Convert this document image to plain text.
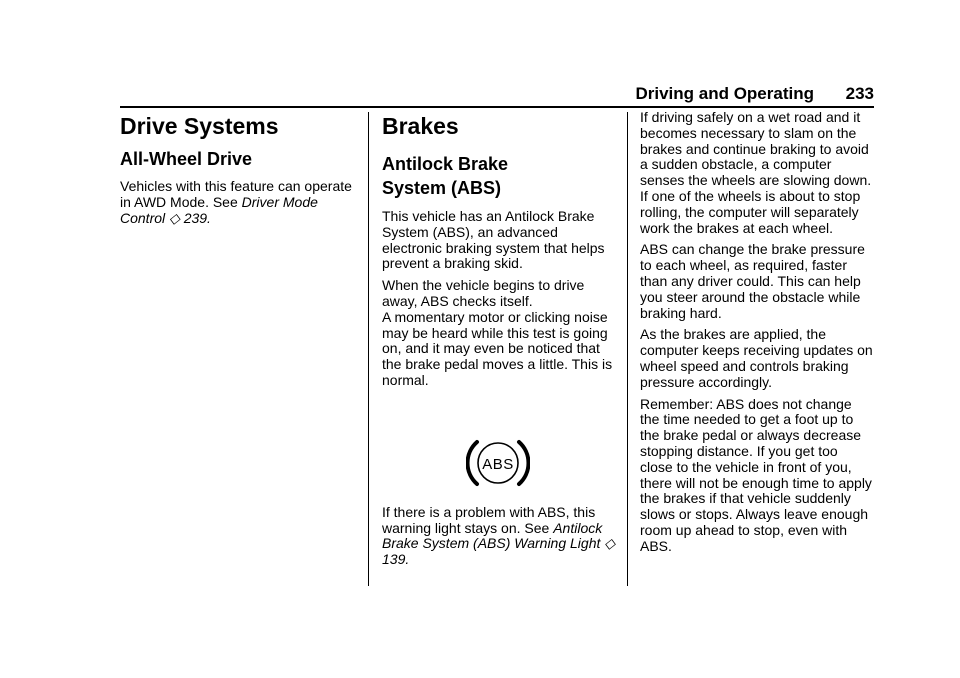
Driving and Operating 233
Drive Systems
All-Wheel Drive

Vehicles with this feature can operate in AWD Mode. See Driver Mode Control ◇ 239.

Brakes
Antilock Brake
System (ABS)

This vehicle has an Antilock Brake System (ABS), an advanced electronic braking system that helps prevent a braking skid.

When the vehicle begins to drive away, ABS checks itself.
A momentary motor or clicking noise may be heard while this test is going on, and it may even be noticed that the brake pedal moves a little. This is normal.

ABS

If there is a problem with ABS, this warning light stays on. See Antilock Brake System (ABS) Warning Light ◇ 139.

If driving safely on a wet road and it becomes necessary to slam on the brakes and continue braking to avoid a sudden obstacle, a computer senses the wheels are slowing down. If one of the wheels is about to stop rolling, the computer will separately work the brakes at each wheel.

ABS can change the brake pressure to each wheel, as required, faster than any driver could. This can help you steer around the obstacle while braking hard.

As the brakes are applied, the computer keeps receiving updates on wheel speed and controls braking pressure accordingly.

Remember: ABS does not change the time needed to get a foot up to the brake pedal or always decrease stopping distance. If you get too close to the vehicle in front of you, there will not be enough time to apply the brakes if that vehicle suddenly slows or stops. Always leave enough room up ahead to stop, even with ABS.
